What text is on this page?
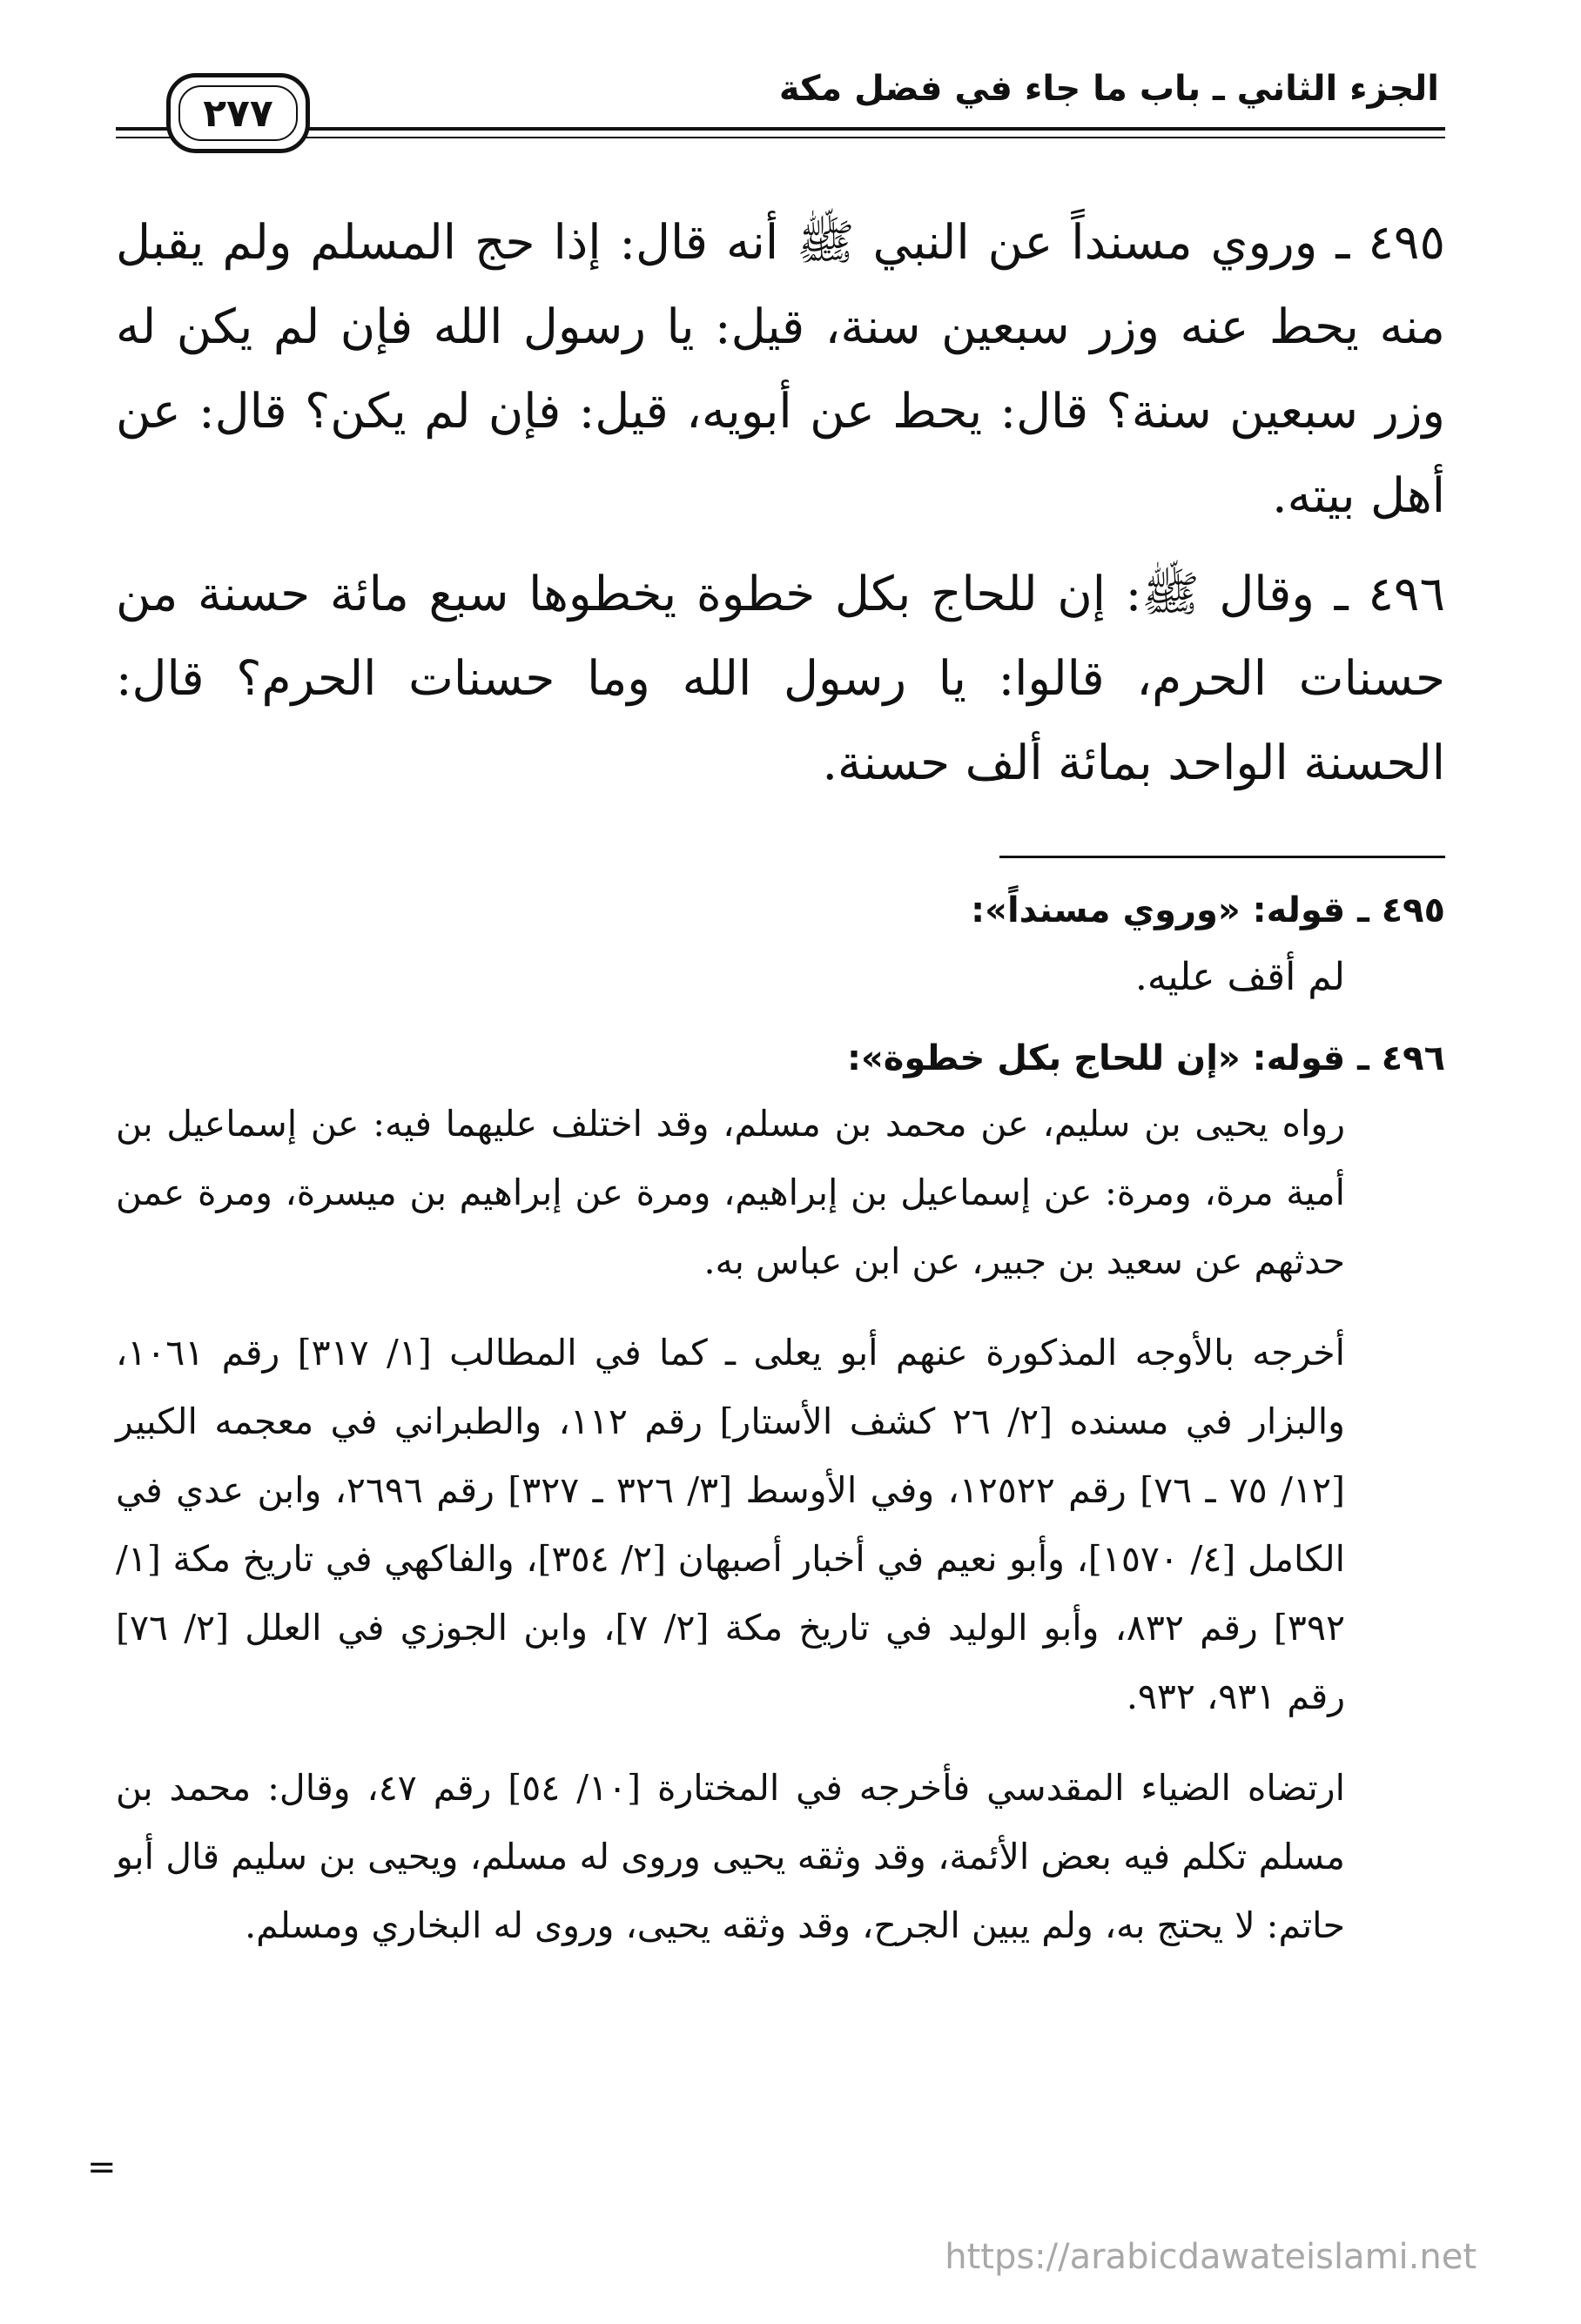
الجزء الثاني ـ باب ما جاء في فضل مكة
٢٧٧

٤٩٥ ـ وروي مسنداً عن النبي ﷺ أنه قال: إذا حج المسلم ولم يقبل منه يحط عنه وزر سبعين سنة، قيل: يا رسول الله فإن لم يكن له وزر سبعين سنة؟ قال: يحط عن أبويه، قيل: فإن لم يكن؟ قال: عن أهل بيته.

٤٩٦ ـ وقال ﷺ: إن للحاج بكل خطوة يخطوها سبع مائة حسنة من حسنات الحرم، قالوا: يا رسول الله وما حسنات الحرم؟ قال: الحسنة الواحد بمائة ألف حسنة.

٤٩٥ ـ قوله: «وروي مسنداً»:

لم أقف عليه.

٤٩٦ ـ قوله: «إن للحاج بكل خطوة»:

رواه يحيى بن سليم، عن محمد بن مسلم، وقد اختلف عليهما فيه: عن إسماعيل بن أمية مرة، ومرة: عن إسماعيل بن إبراهيم، ومرة عن إبراهيم بن ميسرة، ومرة عمن حدثهم عن سعيد بن جبير، عن ابن عباس به.

أخرجه بالأوجه المذكورة عنهم أبو يعلى ـ كما في المطالب [١/ ٣١٧] رقم ١٠٦١، والبزار في مسنده [٢/ ٢٦ كشف الأستار] رقم ١١٢، والطبراني في معجمه الكبير [١٢/ ٧٥ ـ ٧٦] رقم ١٢٥٢٢، وفي الأوسط [٣/ ٣٢٦ ـ ٣٢٧] رقم ٢٦٩٦، وابن عدي في الكامل [٤/ ١٥٧٠]، وأبو نعيم في أخبار أصبهان [٢/ ٣٥٤]، والفاكهي في تاريخ مكة [١/ ٣٩٢] رقم ٨٣٢، وأبو الوليد في تاريخ مكة [٢/ ٧]، وابن الجوزي في العلل [٢/ ٧٦] رقم ٩٣١، ٩٣٢.

ارتضاه الضياء المقدسي فأخرجه في المختارة [١٠/ ٥٤] رقم ٤٧، وقال: محمد بن مسلم تكلم فيه بعض الأئمة، وقد وثقه يحيى وروى له مسلم، ويحيى بن سليم قال أبو حاتم: لا يحتج به، ولم يبين الجرح، وقد وثقه يحيى، وروى له البخاري ومسلم.

=
https://arabicdawateislami.net
